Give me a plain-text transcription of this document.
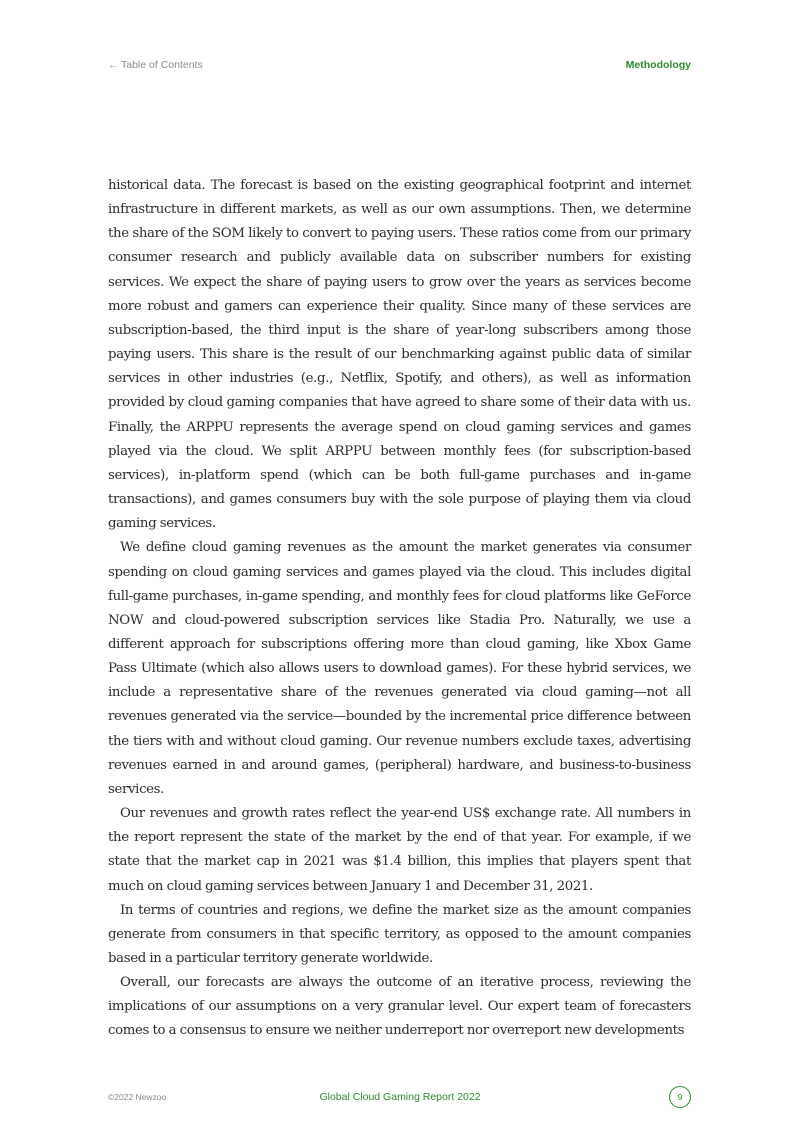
← Table of Contents	Methodology

historical data. The forecast is based on the existing geographical footprint and internet infrastructure in different markets, as well as our own assumptions. Then, we determine the share of the SOM likely to convert to paying users. These ratios come from our primary consumer research and publicly available data on subscriber numbers for existing services. We expect the share of paying users to grow over the years as services become more robust and gamers can experience their quality. Since many of these services are subscription-based, the third input is the share of year-long subscribers among those paying users. This share is the result of our benchmarking against public data of similar services in other industries (e.g., Netflix, Spotify, and others), as well as information provided by cloud gaming companies that have agreed to share some of their data with us. Finally, the ARPPU represents the average spend on cloud gaming services and games played via the cloud. We split ARPPU between monthly fees (for subscription-based services), in-platform spend (which can be both full-game purchases and in-game transactions), and games consumers buy with the sole purpose of playing them via cloud gaming services.

We define cloud gaming revenues as the amount the market generates via consumer spending on cloud gaming services and games played via the cloud. This includes digital full-game purchases, in-game spending, and monthly fees for cloud platforms like GeForce NOW and cloud-powered subscription services like Stadia Pro. Naturally, we use a different approach for subscriptions offering more than cloud gaming, like Xbox Game Pass Ultimate (which also allows users to download games). For these hybrid services, we include a representative share of the revenues generated via cloud gaming—not all revenues generated via the service—bounded by the incremental price difference between the tiers with and without cloud gaming. Our revenue numbers exclude taxes, advertising revenues earned in and around games, (peripheral) hardware, and business-to-business services.

Our revenues and growth rates reflect the year-end US$ exchange rate. All numbers in the report represent the state of the market by the end of that year. For example, if we state that the market cap in 2021 was $1.4 billion, this implies that players spent that much on cloud gaming services between January 1 and December 31, 2021.

In terms of countries and regions, we define the market size as the amount companies generate from consumers in that specific territory, as opposed to the amount companies based in a particular territory generate worldwide.

Overall, our forecasts are always the outcome of an iterative process, reviewing the implications of our assumptions on a very granular level. Our expert team of forecasters comes to a consensus to ensure we neither underreport nor overreport new developments

©2022 Newzoo	Global Cloud Gaming Report 2022	9
